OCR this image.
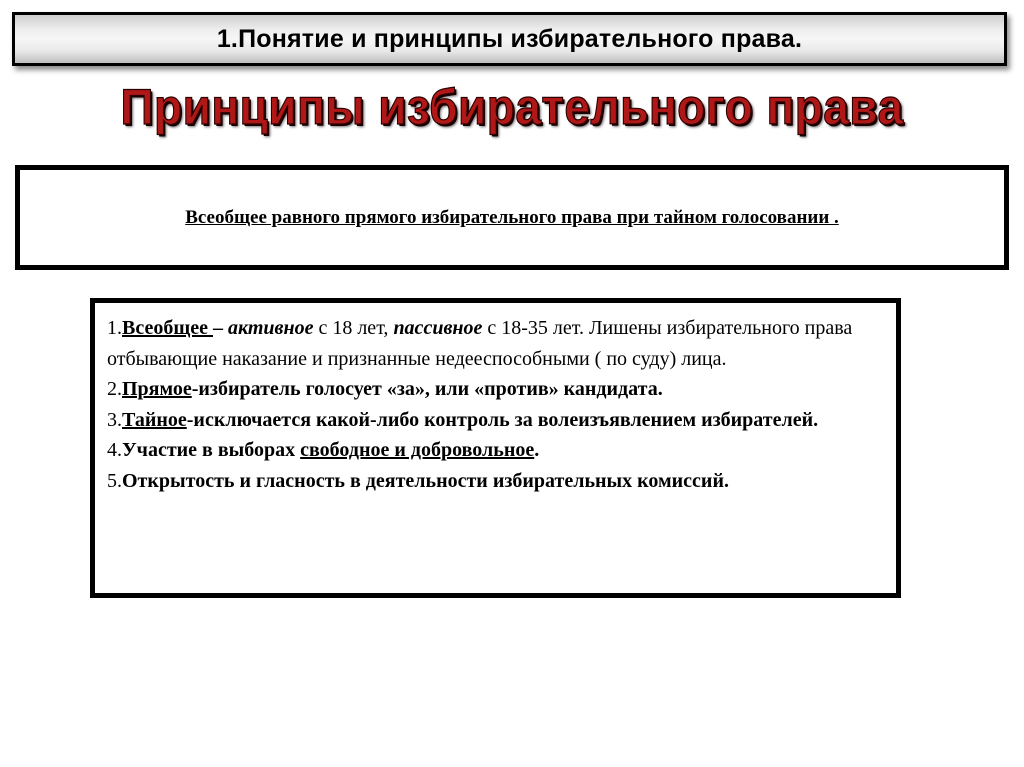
1.Понятие и принципы избирательного права.
Принципы избирательного права
Всеобщее равного прямого избирательного права при тайном голосовании .
1.Всеобщее – активное с 18 лет, пассивное с 18-35 лет. Лишены избирательного права отбывающие наказание и признанные недееспособными ( по суду) лица.
2.Прямое-избиратель голосует «за», или «против» кандидата.
3.Тайное-исключается какой-либо контроль за волеизъявлением избирателей.
4.Участие в выборах свободное и добровольное.
5.Открытость и гласность в деятельности избирательных комиссий.
